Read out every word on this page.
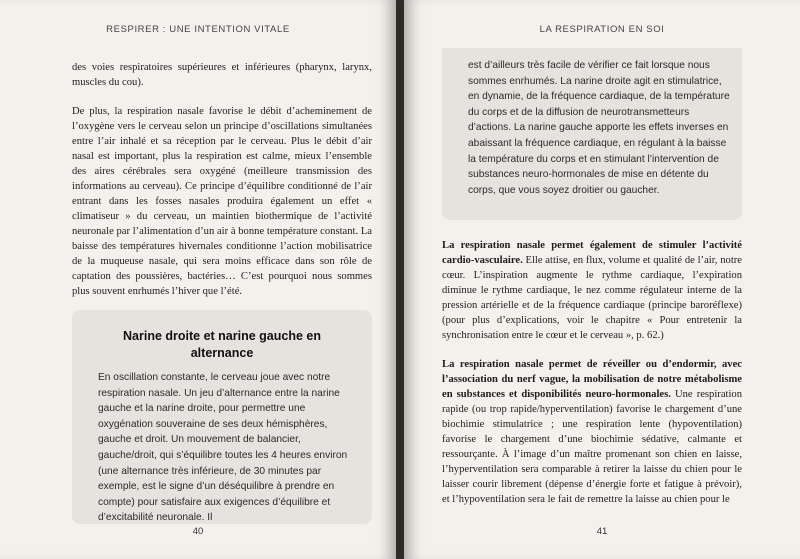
RESPIRER : UNE INTENTION VITALE

des voies respiratoires supérieures et inférieures (pharynx, larynx, muscles du cou).

De plus, la respiration nasale favorise le débit d’acheminement de l’oxygène vers le cerveau selon un principe d’oscillations simultanées entre l’air inhalé et sa réception par le cerveau. Plus le débit d’air nasal est important, plus la respiration est calme, mieux l’ensemble des aires cérébrales sera oxygéné (meilleure transmission des informations au cerveau). Ce principe d’équilibre conditionné de l’air entrant dans les fosses nasales produira également un effet « climatiseur » du cerveau, un maintien biothermique de l’activité neuronale par l’alimentation d’un air à bonne température constant. La baisse des températures hivernales conditionne l’action mobilisatrice de la muqueuse nasale, qui sera moins efficace dans son rôle de captation des poussières, bactéries… C’est pourquoi nous sommes plus souvent enrhumés l’hiver que l’été.

Narine droite et narine gauche en alternance
En oscillation constante, le cerveau joue avec notre respiration nasale. Un jeu d’alternance entre la narine gauche et la narine droite, pour permettre une oxygénation souveraine de ses deux hémisphères, gauche et droit. Un mouvement de balancier, gauche/droit, qui s’équilibre toutes les 4 heures environ (une alternance très inférieure, de 30 minutes par exemple, est le signe d’un déséquilibre à prendre en compte) pour satisfaire aux exigences d’équilibre et d’excitabilité neuronale. Il
40
LA RESPIRATION EN SOI
est d’ailleurs très facile de vérifier ce fait lorsque nous sommes enrhumés. La narine droite agit en stimulatrice, en dynamie, de la fréquence cardiaque, de la température du corps et de la diffusion de neurotransmetteurs d’actions. La narine gauche apporte les effets inverses en abaissant la fréquence cardiaque, en régulant à la baisse la température du corps et en stimulant l’intervention de substances neuro-hormonales de mise en détente du corps, que vous soyez droitier ou gaucher.

La respiration nasale permet également de stimuler l’activité cardio-vasculaire. Elle attise, en flux, volume et qualité de l’air, notre cœur. L’inspiration augmente le rythme cardiaque, l’expiration diminue le rythme cardiaque, le nez comme régulateur interne de la pression artérielle et de la fréquence cardiaque (principe baroréflexe) (pour plus d’explications, voir le chapitre « Pour entretenir la synchronisation entre le cœur et le cerveau », p. 62.)

La respiration nasale permet de réveiller ou d’endormir, avec l’association du nerf vague, la mobilisation de notre métabolisme en substances et disponibilités neuro-hormonales. Une respiration rapide (ou trop rapide/hyperventilation) favorise le chargement d’une biochimie stimulatrice ; une respiration lente (hypoventilation) favorise le chargement d’une biochimie sédative, calmante et ressourçante. À l’image d’un maître promenant son chien en laisse, l’hyperventilation sera comparable à retirer la laisse du chien pour le laisser courir librement (dépense d’énergie forte et fatigue à prévoir), et l’hypoventilation sera le fait de remettre la laisse au chien pour le

41
